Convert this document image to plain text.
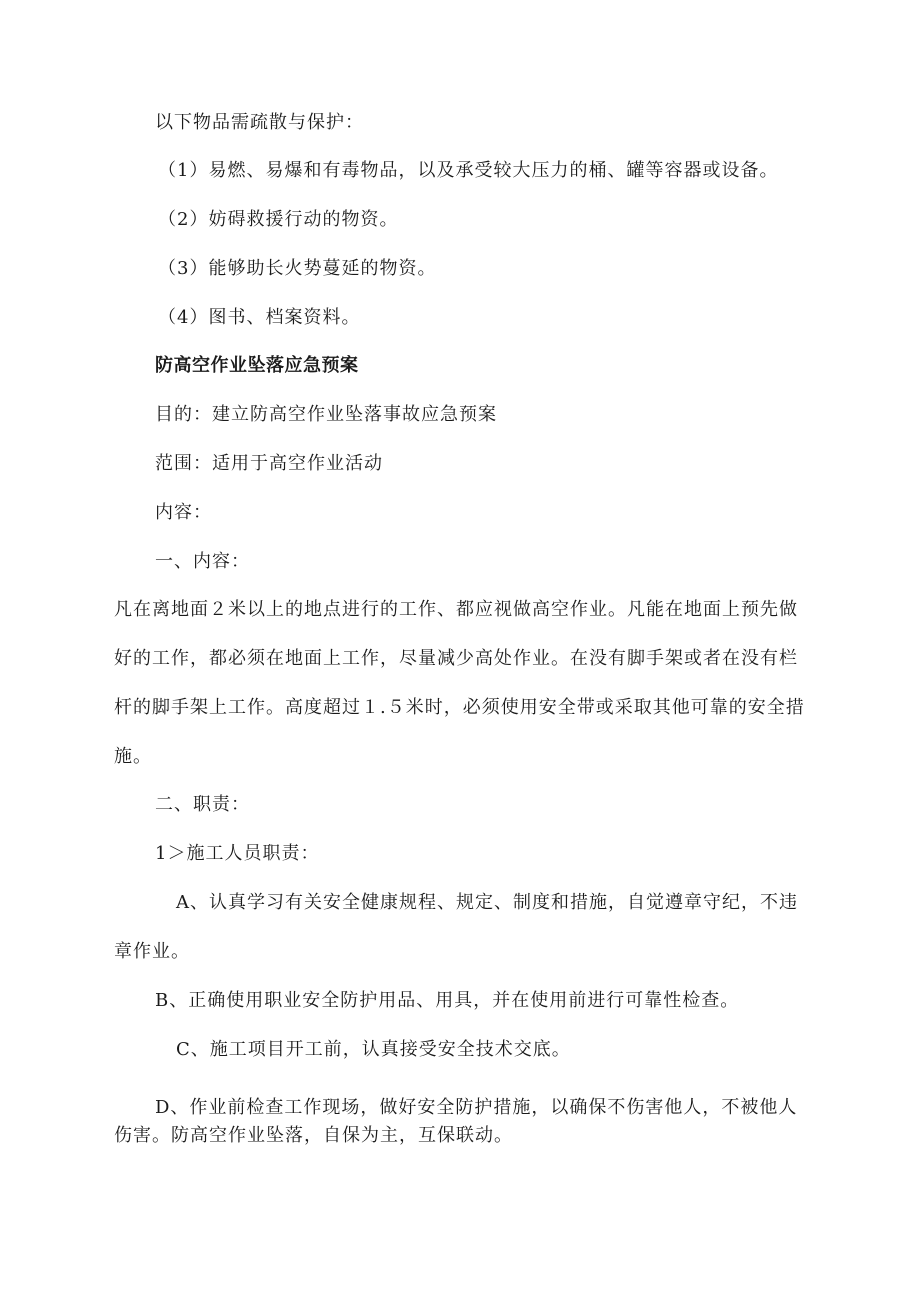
以下物品需疏散与保护：
（1）易燃、易爆和有毒物品，以及承受较大压力的桶、罐等容器或设备。
（2）妨碍救援行动的物资。
（3）能够助长火势蔓延的物资。
（4）图书、档案资料。
防高空作业坠落应急预案
目的：建立防高空作业坠落事故应急预案
范围：适用于高空作业活动
内容：
一、内容：
凡在离地面２米以上的地点进行的工作、都应视做高空作业。凡能在地面上预先做
好的工作，都必须在地面上工作，尽量减少高处作业。在没有脚手架或者在没有栏
杆的脚手架上工作。高度超过１.５米时，必须使用安全带或采取其他可靠的安全措
施。
二、职责：
1＞施工人员职责：
A、认真学习有关安全健康规程、规定、制度和措施，自觉遵章守纪，不违
章作业。
B、正确使用职业安全防护用品、用具，并在使用前进行可靠性检查。
C、施工项目开工前，认真接受安全技术交底。
D、作业前检查工作现场，做好安全防护措施，以确保不伤害他人，不被他人
伤害。防高空作业坠落，自保为主，互保联动。
